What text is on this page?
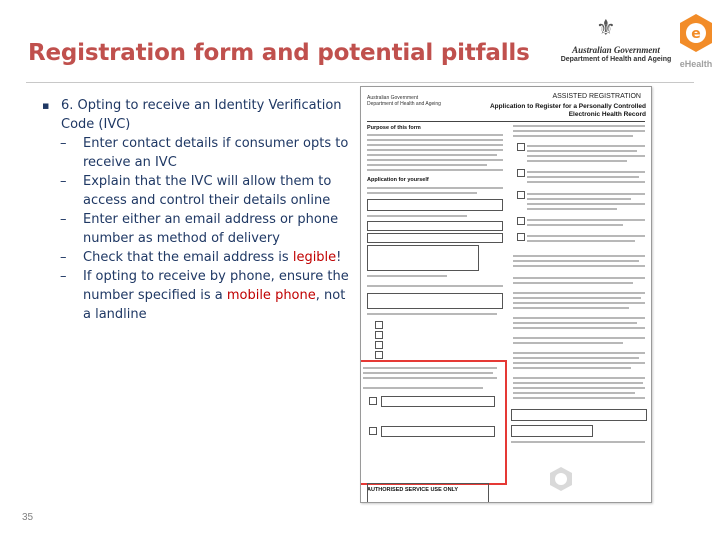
Registration form and potential pitfalls
⚜
Australian Government
Department of Health and Ageing
e
eHealth
▪ 6. Opting to receive an Identity Verification Code (IVC)
– Enter contact details if consumer opts to receive an IVC
– Explain that the IVC will allow them to access and control their details online
– Enter either an email address or phone number as method of delivery
– Check that the email address is legible!
– If opting to receive by phone, ensure the number specified is a mobile phone, not a landline
Australian Government
Department of Health and Ageing
ASSISTED REGISTRATION
Application to Register for a Personally Controlled Electronic Health Record
Purpose of this form
Application for yourself
AUTHORISED SERVICE USE ONLY
35
